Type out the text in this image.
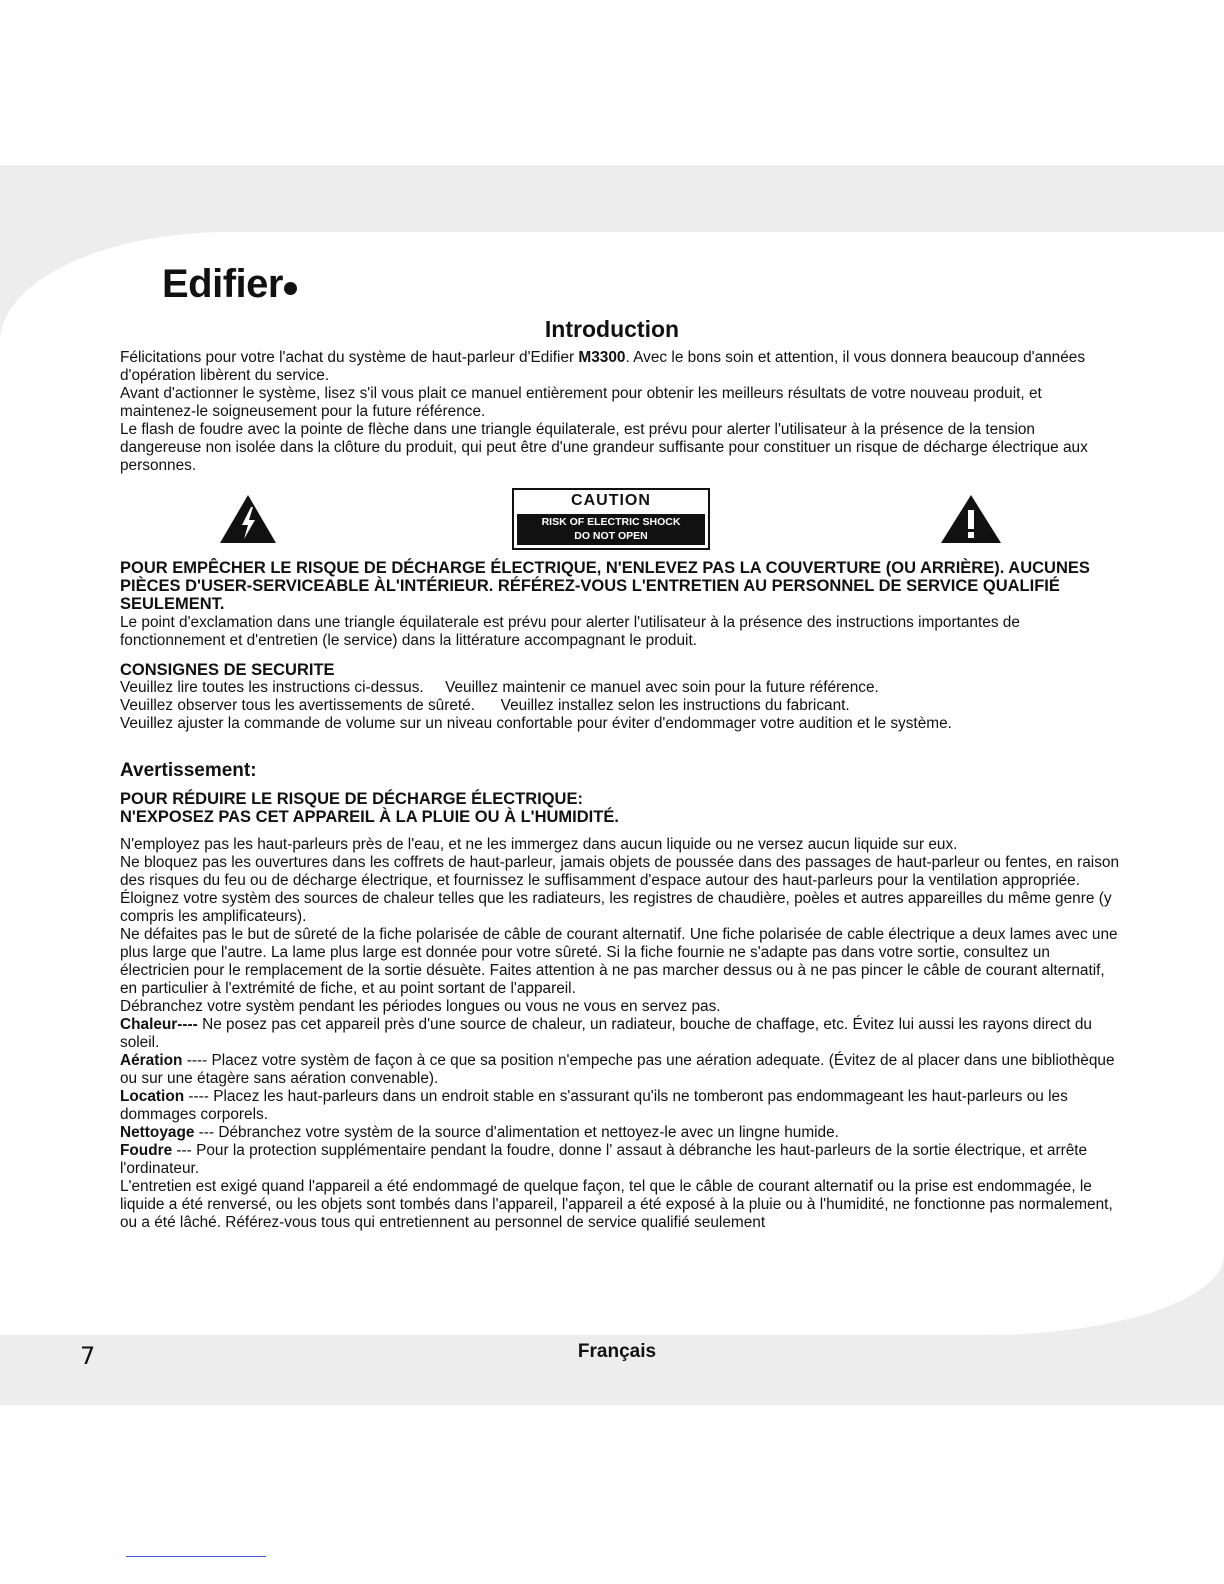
Edifier
Introduction

Félicitations pour votre l'achat du système de haut-parleur d'Edifier M3300. Avec le bons soin et attention, il vous donnera beaucoup d'années d'opération libèrent du service.

Avant d'actionner le système, lisez s'il vous plait ce manuel entièrement pour obtenir les meilleurs résultats de votre nouveau produit, et maintenez-le soigneusement pour la future référence.

Le flash de foudre avec la pointe de flèche dans une triangle équilaterale, est prévu pour alerter l'utilisateur à la présence de la tension dangereuse non isolée dans la clôture du produit, qui peut être d'une grandeur suffisante pour constituer un risque de décharge électrique aux personnes.

CAUTION
RISK OF ELECTRIC SHOCK
DO NOT OPEN
POUR EMPÊCHER LE RISQUE DE DÉCHARGE ÉLECTRIQUE, N'ENLEVEZ PAS LA COUVERTURE (OU ARRIÈRE). AUCUNES PIÈCES D'USER-SERVICEABLE ÀL'INTÉRIEUR. RÉFÉREZ-VOUS L'ENTRETIEN AU PERSONNEL DE SERVICE QUALIFIÉ SEULEMENT.
Le point d'exclamation dans une triangle équilaterale est prévu pour alerter l'utilisateur à la présence des instructions importantes de fonctionnement et d'entretien (le service) dans la littérature accompagnant le produit.
CONSIGNES DE SECURITE
Veuillez lire toutes les instructions ci-dessus. Veuillez maintenir ce manuel avec soin pour la future référence.
Veuillez observer tous les avertissements de sûreté. Veuillez installez selon les instructions du fabricant.
Veuillez ajuster la commande de volume sur un niveau confortable pour éviter d'endommager votre audition et le système.
Avertissement:
POUR RÉDUIRE LE RISQUE DE DÉCHARGE ÉLECTRIQUE:
N'EXPOSEZ PAS CET APPAREIL À LA PLUIE OU À L'HUMIDITÉ.

N'employez pas les haut-parleurs près de l'eau, et ne les immergez dans aucun liquide ou ne versez aucun liquide sur eux.

Ne bloquez pas les ouvertures dans les coffrets de haut-parleur, jamais objets de poussée dans des passages de haut-parleur ou fentes, en raison des risques du feu ou de décharge électrique, et fournissez le suffisamment d'espace autour des haut-parleurs pour la ventilation appropriée.

Éloignez votre systèm des sources de chaleur telles que les radiateurs, les registres de chaudière, poèles et autres appareilles du même genre (y compris les amplificateurs).

Ne défaites pas le but de sûreté de la fiche polarisée de câble de courant alternatif. Une fiche polarisée de cable électrique a deux lames avec une plus large que l'autre. La lame plus large est donnée pour votre sûreté. Si la fiche fournie ne s'adapte pas dans votre sortie, consultez un électricien pour le remplacement de la sortie désuète. Faites attention à ne pas marcher dessus ou à ne pas pincer le câble de courant alternatif, en particulier à l'extrémité de fiche, et au point sortant de l'appareil.

Débranchez votre systèm pendant les périodes longues ou vous ne vous en servez pas.

Chaleur---- Ne posez pas cet appareil près d'une source de chaleur, un radiateur, bouche de chaffage, etc. Évitez lui aussi les rayons direct du soleil.

Aération ---- Placez votre systèm de façon à ce que sa position n'empeche pas une aération adequate. (Évitez de al placer dans une bibliothèque ou sur une étagère sans aération convenable).

Location ---- Placez les haut-parleurs dans un endroit stable en s'assurant qu'ils ne tomberont pas endommageant les haut-parleurs ou les dommages corporels.

Nettoyage --- Débranchez votre systèm de la source d'alimentation et nettoyez-le avec un lingne humide.

Foudre --- Pour la protection supplémentaire pendant la foudre, donne l' assaut à débranche les haut-parleurs de la sortie électrique, et arrête l'ordinateur.

L'entretien est exigé quand l'appareil a été endommagé de quelque façon, tel que le câble de courant alternatif ou la prise est endommagée, le liquide a été renversé, ou les objets sont tombés dans l'appareil, l'appareil a été exposé à la pluie ou à l'humidité, ne fonctionne pas normalement, ou a été lâché. Référez-vous tous qui entretiennent au personnel de service qualifié seulement

7	Français
